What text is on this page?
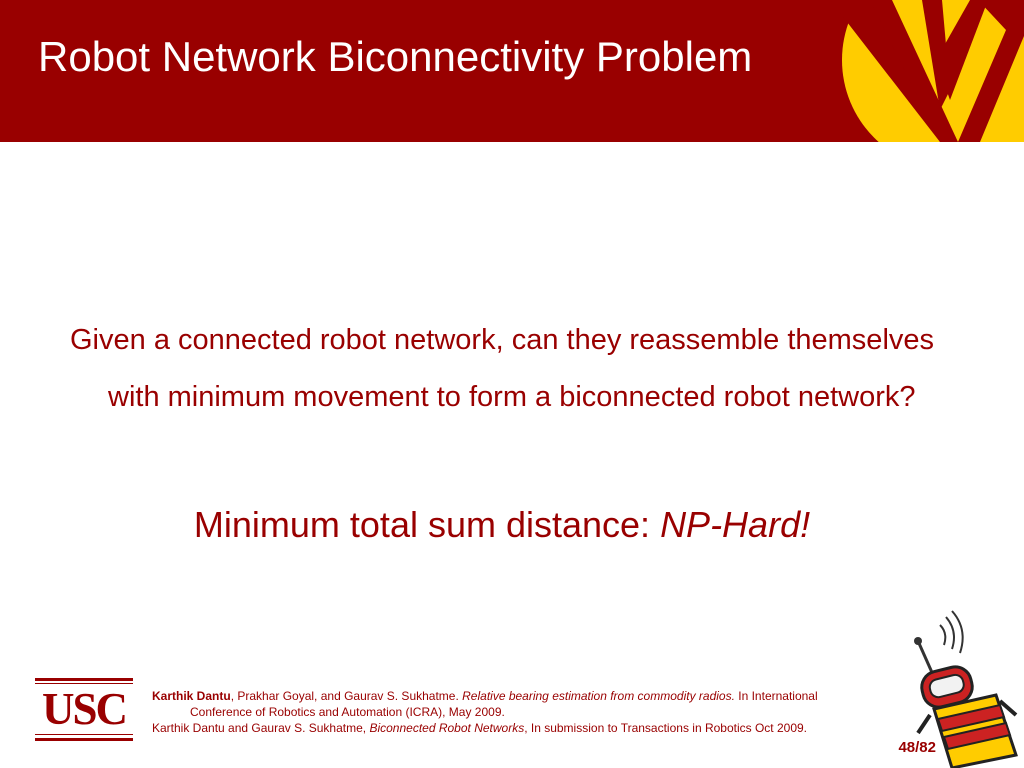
Robot Network Biconnectivity Problem
Given a connected robot network, can they reassemble themselves with minimum movement to form a biconnected robot network?
Minimum total sum distance: NP-Hard!
USC	Karthik Dantu, Prakhar Goyal, and Gaurav S. Sukhatme. Relative bearing estimation from commodity radios. In International Conference of Robotics and Automation (ICRA), May 2009.
Karthik Dantu and Gaurav S. Sukhatme, Biconnected Robot Networks, In submission to Transactions in Robotics Oct 2009.
48/82
